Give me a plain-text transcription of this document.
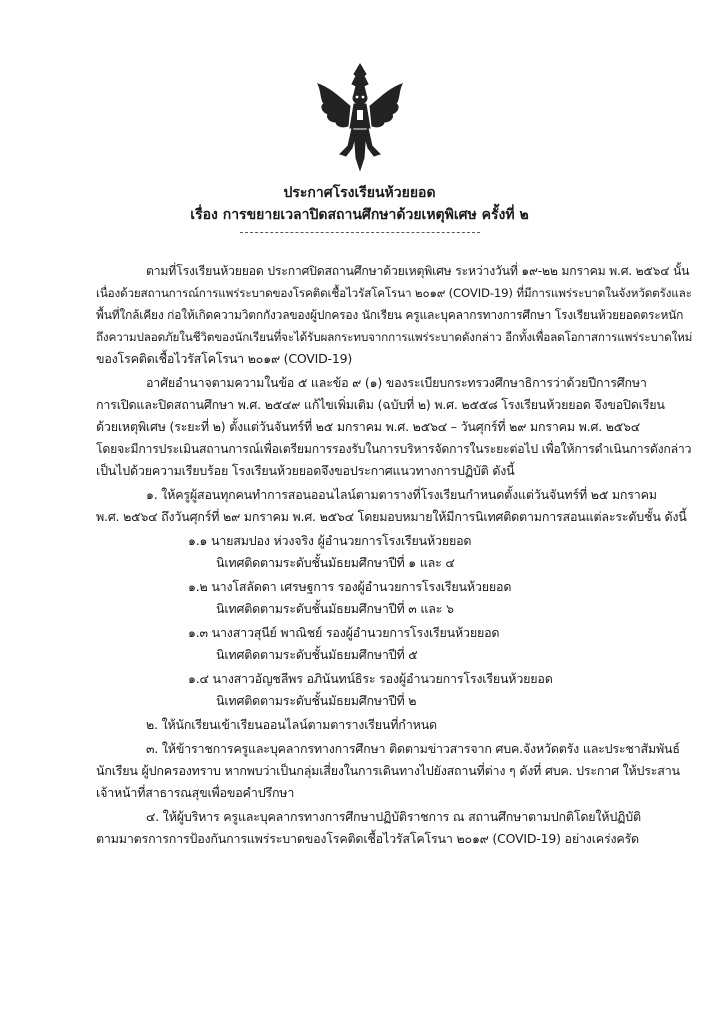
ประกาศโรงเรียนห้วยยอด
เรื่อง การขยายเวลาปิดสถานศึกษาด้วยเหตุพิเศษ ครั้งที่ ๒
ตามที่โรงเรียนห้วยยอด ประกาศปิดสถานศึกษาด้วยเหตุพิเศษ ระหว่างวันที่ ๑๙-๒๒ มกราคม พ.ศ. ๒๕๖๔ นั้น
เนื่องด้วยสถานการณ์การแพร่ระบาดของโรคติดเชื้อไวรัสโคโรนา ๒๐๑๙ (COVID-19) ที่มีการแพร่ระบาดในจังหวัดตรังและ
พื้นที่ใกล้เคียง ก่อให้เกิดความวิตกกังวลของผู้ปกครอง นักเรียน ครูและบุคลากรทางการศึกษา โรงเรียนห้วยยอดตระหนัก
ถึงความปลอดภัยในชีวิตของนักเรียนที่จะได้รับผลกระทบจากการแพร่ระบาดดังกล่าว อีกทั้งเพื่อลดโอกาสการแพร่ระบาดใหม่
ของโรคติดเชื้อไวรัสโคโรนา ๒๐๑๙ (COVID-19)
อาศัยอำนาจตามความในข้อ ๕ และข้อ ๙ (๑) ของระเบียบกระทรวงศึกษาธิการว่าด้วยปีการศึกษา
การเปิดและปิดสถานศึกษา พ.ศ. ๒๕๔๙ แก้ไขเพิ่มเติม (ฉบับที่ ๒) พ.ศ. ๒๕๕๘ โรงเรียนห้วยยอด จึงขอปิดเรียน
ด้วยเหตุพิเศษ (ระยะที่ ๒) ตั้งแต่วันจันทร์ที่ ๒๕ มกราคม พ.ศ. ๒๕๖๔ – วันศุกร์ที่ ๒๙ มกราคม พ.ศ. ๒๕๖๔
โดยจะมีการประเมินสถานการณ์เพื่อเตรียมการรองรับในการบริหารจัดการในระยะต่อไป เพื่อให้การดำเนินการดังกล่าว
เป็นไปด้วยความเรียบร้อย โรงเรียนห้วยยอดจึงขอประกาศแนวทางการปฏิบัติ ดังนี้
๑. ให้ครูผู้สอนทุกคนทำการสอนออนไลน์ตามตารางที่โรงเรียนกำหนดตั้งแต่วันจันทร์ที่ ๒๕ มกราคม
พ.ศ. ๒๕๖๔ ถึงวันศุกร์ที่ ๒๙ มกราคม พ.ศ. ๒๕๖๔ โดยมอบหมายให้มีการนิเทศติดตามการสอนแต่ละระดับชั้น ดังนี้
๑.๑ นายสมปอง ห่วงจริง ผู้อำนวยการโรงเรียนห้วยยอด
นิเทศติดตามระดับชั้นมัธยมศึกษาปีที่ ๑ และ ๔
๑.๒ นางโสลัดดา เศรษฐการ รองผู้อำนวยการโรงเรียนห้วยยอด
นิเทศติดตามระดับชั้นมัธยมศึกษาปีที่ ๓ และ ๖
๑.๓ นางสาวสุนีย์ พาณิชย์ รองผู้อำนวยการโรงเรียนห้วยยอด
นิเทศติดตามระดับชั้นมัธยมศึกษาปีที่ ๕
๑.๔ นางสาวอัญชลีพร อภินันทน์ธิระ รองผู้อำนวยการโรงเรียนห้วยยอด
นิเทศติดตามระดับชั้นมัธยมศึกษาปีที่ ๒
๒. ให้นักเรียนเข้าเรียนออนไลน์ตามตารางเรียนที่กำหนด
๓. ให้ข้าราชการครูและบุคลากรทางการศึกษา ติดตามข่าวสารจาก ศบค.จังหวัดตรัง และประชาสัมพันธ์
นักเรียน ผู้ปกครองทราบ หากพบว่าเป็นกลุ่มเสี่ยงในการเดินทางไปยังสถานที่ต่าง ๆ ดังที่ ศบค. ประกาศ ให้ประสาน
เจ้าหน้าที่สาธารณสุขเพื่อขอคำปรึกษา
๔. ให้ผู้บริหาร ครูและบุคลากรทางการศึกษาปฏิบัติราชการ ณ สถานศึกษาตามปกติโดยให้ปฏิบัติ
ตามมาตรการการป้องกันการแพร่ระบาดของโรคติดเชื้อไวรัสโคโรนา ๒๐๑๙ (COVID-19) อย่างเคร่งครัด
